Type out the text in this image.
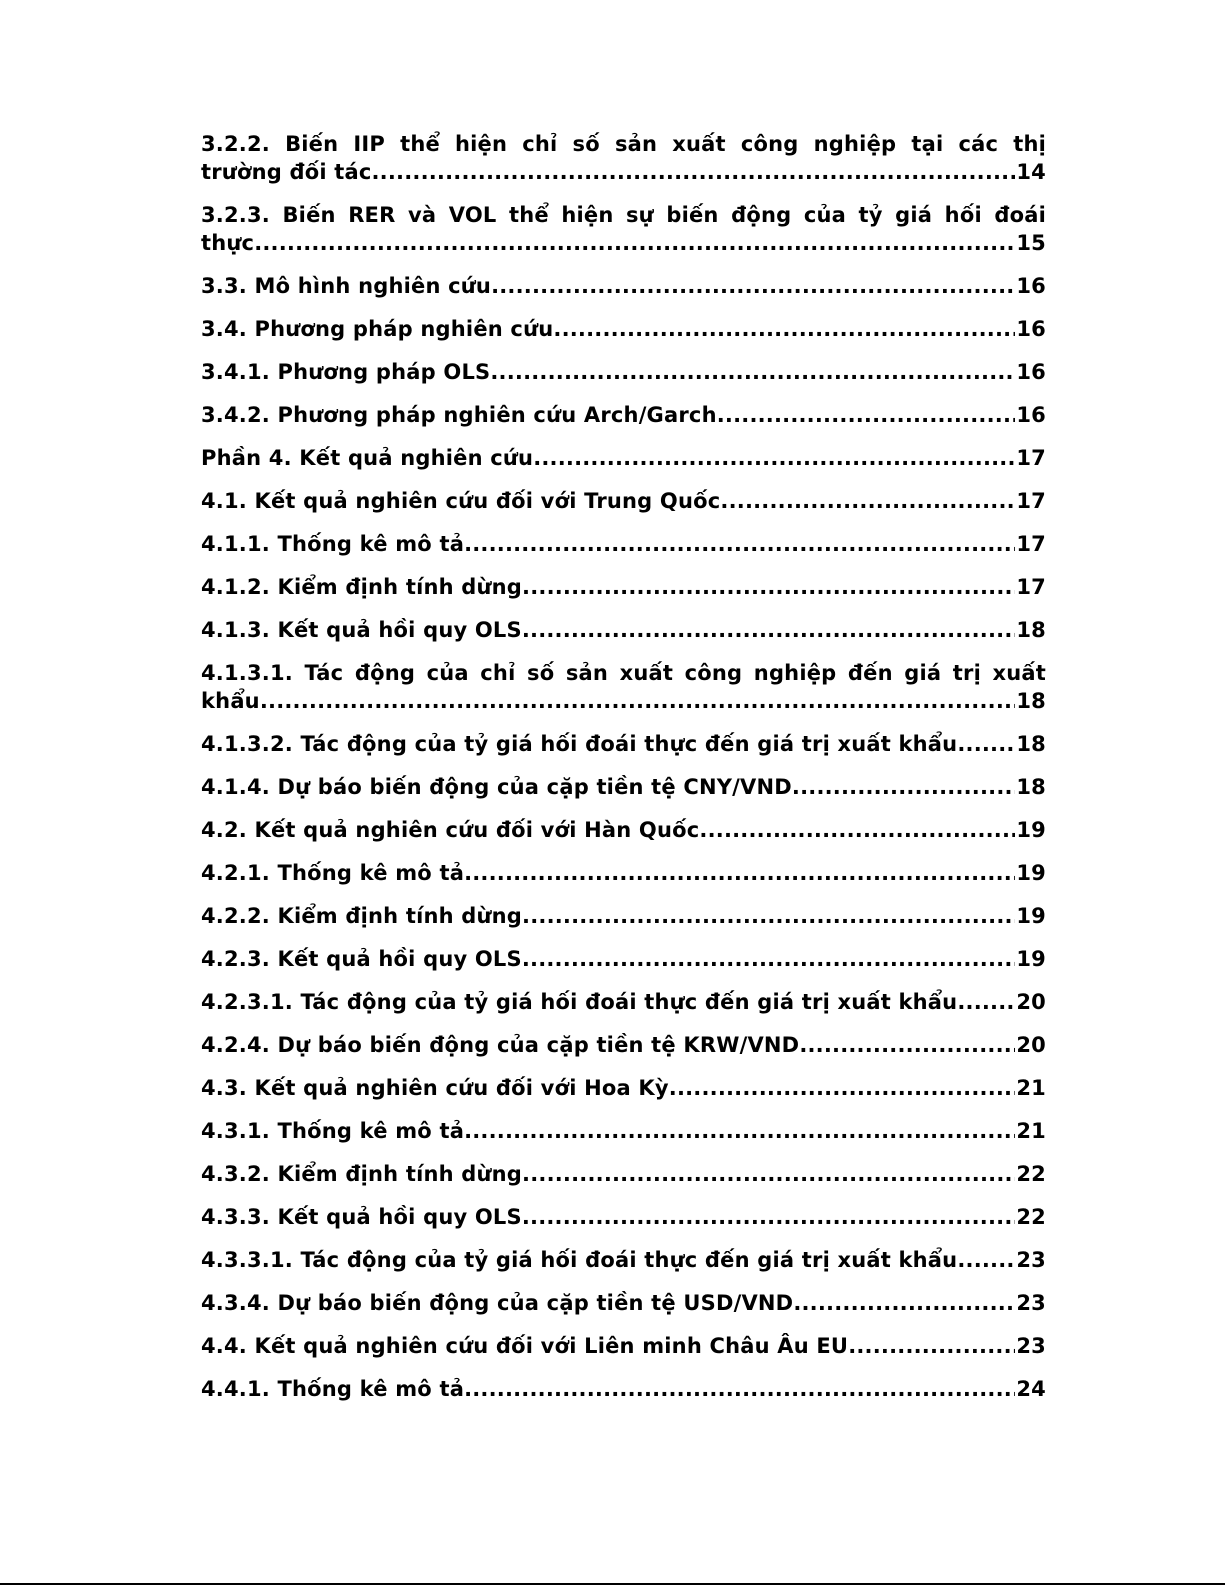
3.2.2. Biến IIP thể hiện chỉ số sản xuất công nghiệp tại các thị
trường đối tác .....	14
3.2.3. Biến RER và VOL thể hiện sự biến động của tỷ giá hối đoái
thực .....	15
3.3. Mô hình nghiên cứu .....	16
3.4. Phương pháp nghiên cứu .....	16
3.4.1. Phương pháp OLS .....	16
3.4.2. Phương pháp nghiên cứu Arch/Garch .....	16
Phần 4. Kết quả nghiên cứu .....	17
4.1. Kết quả nghiên cứu đối với Trung Quốc .....	17
4.1.1. Thống kê mô tả .....	17
4.1.2. Kiểm định tính dừng .....	17
4.1.3. Kết quả hồi quy OLS .....	18
4.1.3.1. Tác động của chỉ số sản xuất công nghiệp đến giá trị xuất
khẩu .....	18
4.1.3.2. Tác động của tỷ giá hối đoái thực đến giá trị xuất khẩu. ..... 18
4.1.4. Dự báo biến động của cặp tiền tệ CNY/VND .....	18
4.2. Kết quả nghiên cứu đối với Hàn Quốc .....	19
4.2.1. Thống kê mô tả .....	19
4.2.2. Kiểm định tính dừng .....	19
4.2.3. Kết quả hồi quy OLS .....	19
4.2.3.1. Tác động của tỷ giá hối đoái thực đến giá trị xuất khẩu. ..... 20
4.2.4. Dự báo biến động của cặp tiền tệ KRW/VND .....	20
4.3. Kết quả nghiên cứu đối với Hoa Kỳ .....	21
4.3.1. Thống kê mô tả .....	21
4.3.2. Kiểm định tính dừng .....	22
4.3.3. Kết quả hồi quy OLS .....	22
4.3.3.1. Tác động của tỷ giá hối đoái thực đến giá trị xuất khẩu. ..... 23
4.3.4. Dự báo biến động của cặp tiền tệ USD/VND .....	23
4.4. Kết quả nghiên cứu đối với Liên minh Châu Âu EU .....	23
4.4.1. Thống kê mô tả .....	24
